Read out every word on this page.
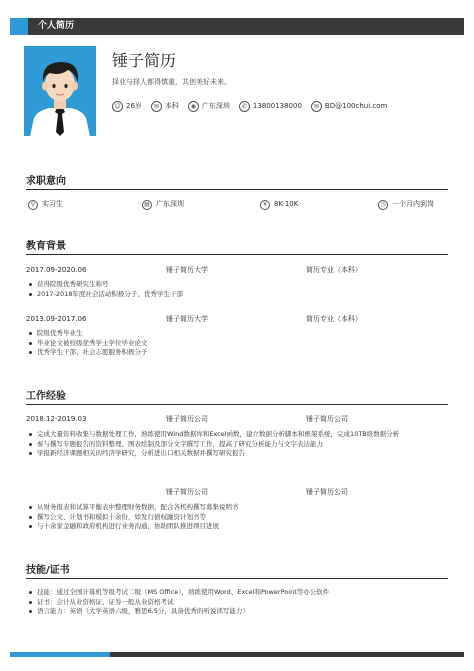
个人简历
锤子简历
择业与择人都得慎重，共创美好未来。
☺ 26岁	✉ 本科	◉ 广东深圳	✆ 13800138000	✉ BD@100chui.com
求职意向
⚲ 实习生	▤ 广东深圳	¥	8K-10K	◷ 一个月内到岗
教育背景
2017.09-2020.06	锤子简历大学	简历专业（本科）
获得院级优秀研究生称号
2017-2018年度社会活动积极分子、优秀学生干部
2013.09-2017.06	锤子简历大学	简历专业（本科）
院级优秀毕业生
毕业论文被校级优秀学士学位毕业论文
优秀学生干部、社会志愿服务积极分子
工作经验
2018.12-2019.03	锤子简历公司	锤子简历公司
完成大量资料收集与数据处理工作，熟练使用Wind数据库和Excel函数，建立数据分析脚本和框架系统，完成10TB级数据分析
参与撰写专题报告的资料整理、图表绘制及部分文字撰写工作，提高了研究分析能力与文字表达能力
学报新经济课题相关的经济学研究，分析进出口相关数据并撰写研究报告
锤子简历公司	锤子简历公司
从财务报表和试算平衡表中整理财务数据，配合各机构撰写募集说明书
撰写公文、计划书和模拟十余份，如发行债权融资计划书等
与十余家金融和政府机构进行业务沟通，协助团队推进项目进展
技能/证书
技能：通过全国计算机等级考试二级（MS Office），熟练使用Word、Excel和PowerPoint等办公软件
证书：会计从业资格证、证券一般从业资格考试
语言能力：英语（大学英语六级，雅思6.5分，具备优秀的听说读写能力）
